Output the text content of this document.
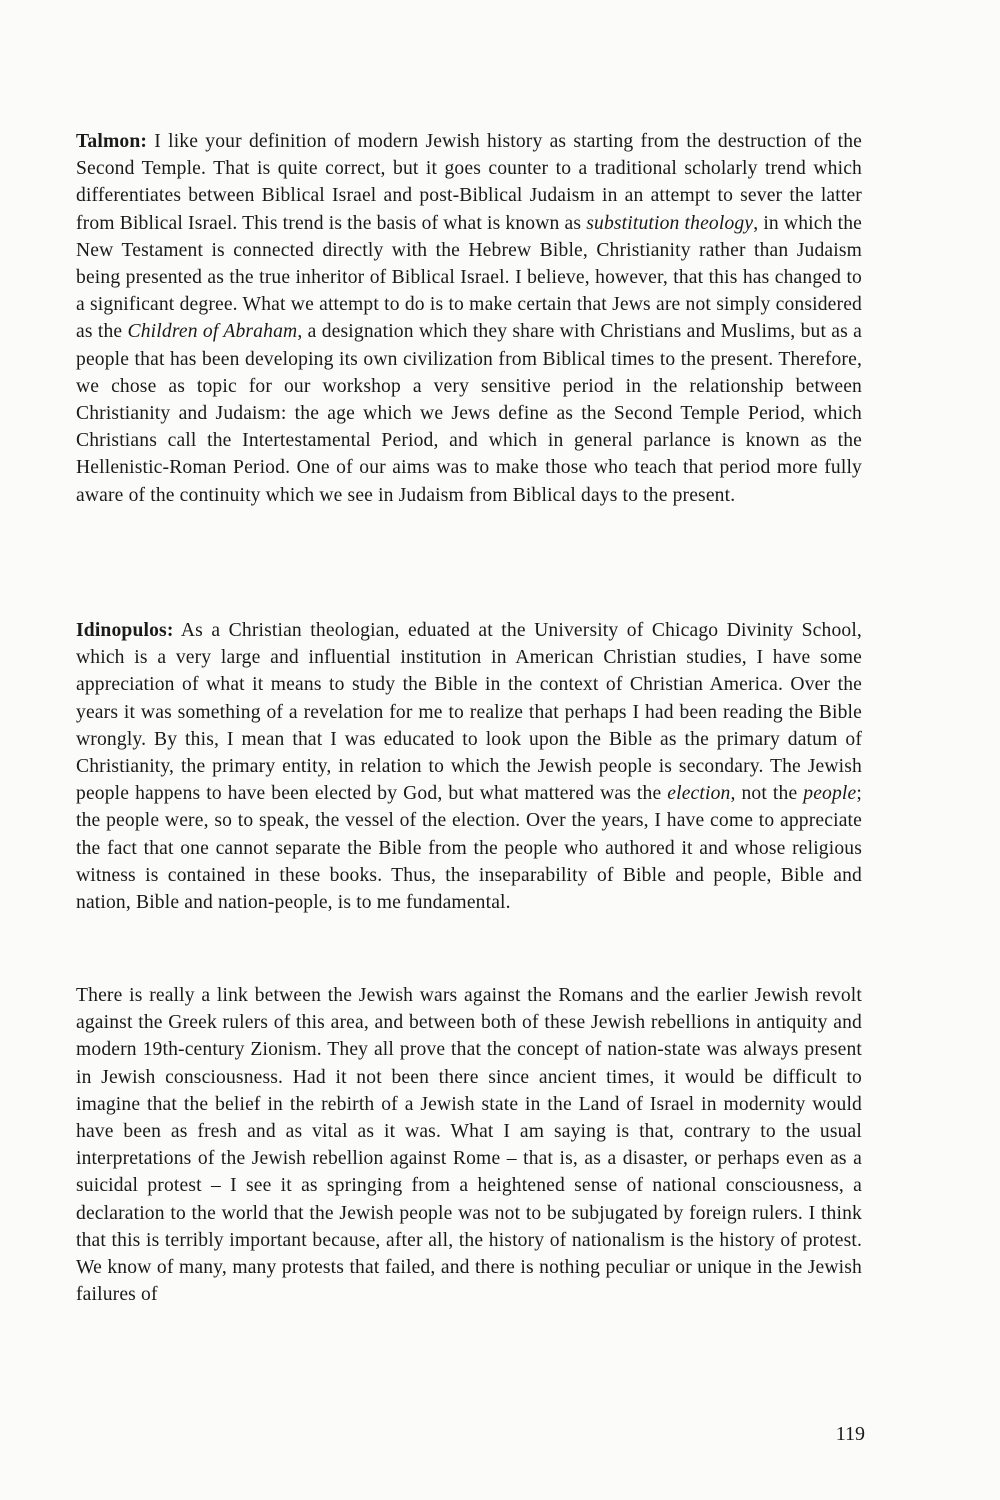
Talmon: I like your definition of modern Jewish history as starting from the destruction of the Second Temple. That is quite correct, but it goes counter to a traditional scholarly trend which differentiates between Biblical Israel and post-Biblical Judaism in an attempt to sever the latter from Biblical Israel. This trend is the basis of what is known as substitution theology, in which the New Testament is connected directly with the Hebrew Bible, Christianity rather than Judaism being presented as the true inheritor of Biblical Israel. I believe, however, that this has changed to a significant degree. What we attempt to do is to make certain that Jews are not simply considered as the Children of Abraham, a designation which they share with Christians and Muslims, but as a people that has been developing its own civilization from Biblical times to the present. Therefore, we chose as topic for our workshop a very sensitive period in the relationship between Christianity and Judaism: the age which we Jews define as the Second Temple Period, which Christians call the Intertestamental Period, and which in general parlance is known as the Hellenistic-Roman Period. One of our aims was to make those who teach that period more fully aware of the continuity which we see in Judaism from Biblical days to the present.

Idinopulos: As a Christian theologian, eduated at the University of Chicago Divinity School, which is a very large and influential institution in American Christian studies, I have some appreciation of what it means to study the Bible in the context of Christian America. Over the years it was something of a revelation for me to realize that perhaps I had been reading the Bible wrongly. By this, I mean that I was educated to look upon the Bible as the primary datum of Christianity, the primary entity, in relation to which the Jewish people is secondary. The Jewish people happens to have been elected by God, but what mattered was the election, not the people; the people were, so to speak, the vessel of the election. Over the years, I have come to appreciate the fact that one cannot separate the Bible from the people who authored it and whose religious witness is contained in these books. Thus, the inseparability of Bible and people, Bible and nation, Bible and nation-people, is to me fundamental.

There is really a link between the Jewish wars against the Romans and the earlier Jewish revolt against the Greek rulers of this area, and between both of these Jewish rebellions in antiquity and modern 19th-century Zionism. They all prove that the concept of nation-state was always present in Jewish consciousness. Had it not been there since ancient times, it would be difficult to imagine that the belief in the rebirth of a Jewish state in the Land of Israel in modernity would have been as fresh and as vital as it was. What I am saying is that, contrary to the usual interpretations of the Jewish rebellion against Rome – that is, as a disaster, or perhaps even as a suicidal protest – I see it as springing from a heightened sense of national consciousness, a declaration to the world that the Jewish people was not to be subjugated by foreign rulers. I think that this is terribly important because, after all, the history of nationalism is the history of protest. We know of many, many protests that failed, and there is nothing peculiar or unique in the Jewish failures of

119
